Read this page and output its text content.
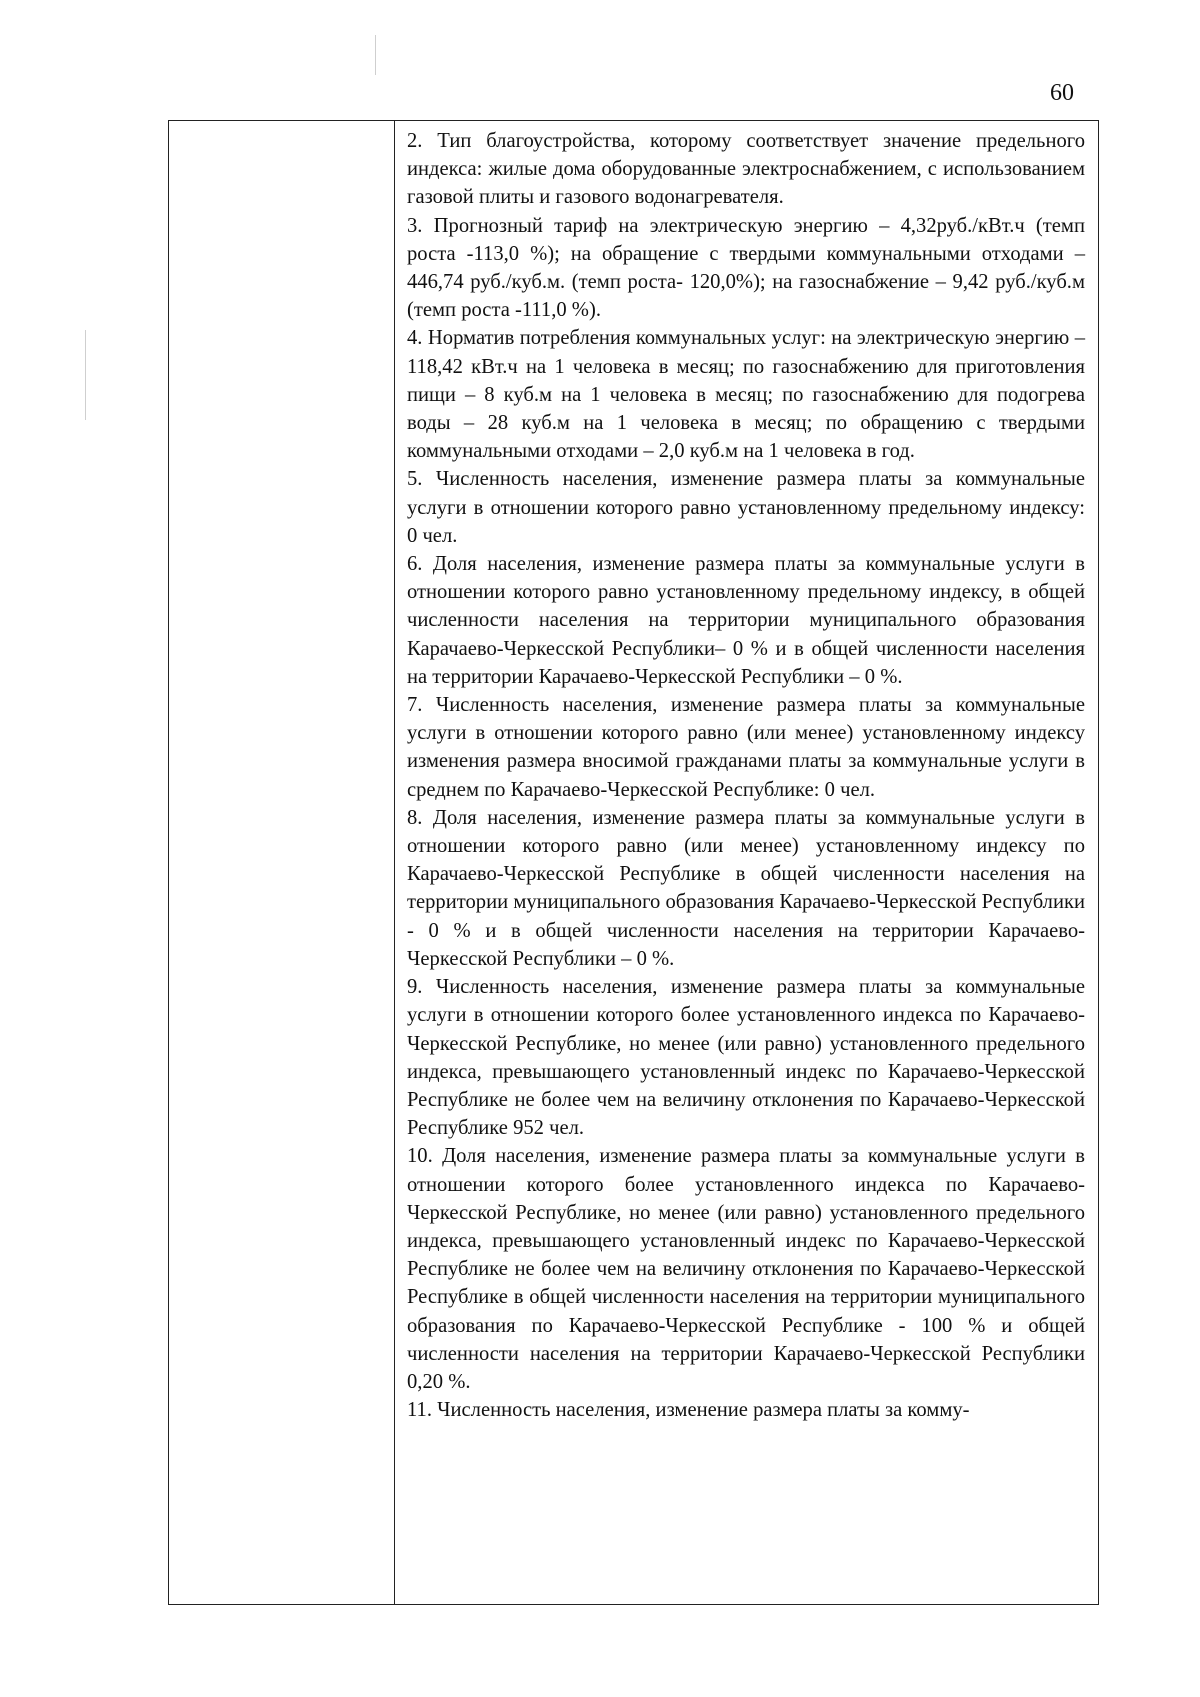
60

2. Тип благоустройства, которому соответствует значение предельного индекса: жилые дома оборудованные электроснабжением, с использованием газовой плиты и газового водонагревателя.

3. Прогнозный тариф на электрическую энергию – 4,32руб./кВт.ч (темп роста -113,0 %); на обращение с твердыми коммунальными отходами – 446,74 руб./куб.м. (темп роста- 120,0%); на газоснабжение – 9,42 руб./куб.м (темп роста -111,0 %).

4. Норматив потребления коммунальных услуг: на электрическую энергию – 118,42 кВт.ч на 1 человека в месяц; по газоснабжению для приготовления пищи – 8 куб.м на 1 человека в месяц; по газоснабжению для подогрева воды – 28 куб.м на 1 человека в месяц; по обращению с твердыми коммунальными отходами – 2,0 куб.м на 1 человека в год.

5. Численность населения, изменение размера платы за коммунальные услуги в отношении которого равно установленному предельному индексу: 0 чел.

6. Доля населения, изменение размера платы за коммунальные услуги в отношении которого равно установленному предельному индексу, в общей численности населения на территории муниципального образования Карачаево-Черкесской Республики– 0 % и в общей численности населения на территории Карачаево-Черкесской Республики – 0 %.

7. Численность населения, изменение размера платы за коммунальные услуги в отношении которого равно (или менее) установленному индексу изменения размера вносимой гражданами платы за коммунальные услуги в среднем по Карачаево-Черкесской Республике: 0 чел.

8. Доля населения, изменение размера платы за коммунальные услуги в отношении которого равно (или менее) установленному индексу по Карачаево-Черкесской Республике в общей численности населения на территории муниципального образования Карачаево-Черкесской Республики - 0 % и в общей численности населения на территории Карачаево-Черкесской Республики – 0 %.

9. Численность населения, изменение размера платы за коммунальные услуги в отношении которого более установленного индекса по Карачаево-Черкесской Республике, но менее (или равно) установленного предельного индекса, превышающего установленный индекс по Карачаево-Черкесской Республике не более чем на величину отклонения по Карачаево-Черкесской Республике 952 чел.

10. Доля населения, изменение размера платы за коммунальные услуги в отношении которого более установленного индекса по Карачаево-Черкесской Республике, но менее (или равно) установленного предельного индекса, превышающего установленный индекс по Карачаево-Черкесской Республике не более чем на величину отклонения по Карачаево-Черкесской Республике в общей численности населения на территории муниципального образования по Карачаево-Черкесской Республике - 100 % и общей численности населения на территории Карачаево-Черкесской Республики 0,20 %.

11. Численность населения, изменение размера платы за комму-
